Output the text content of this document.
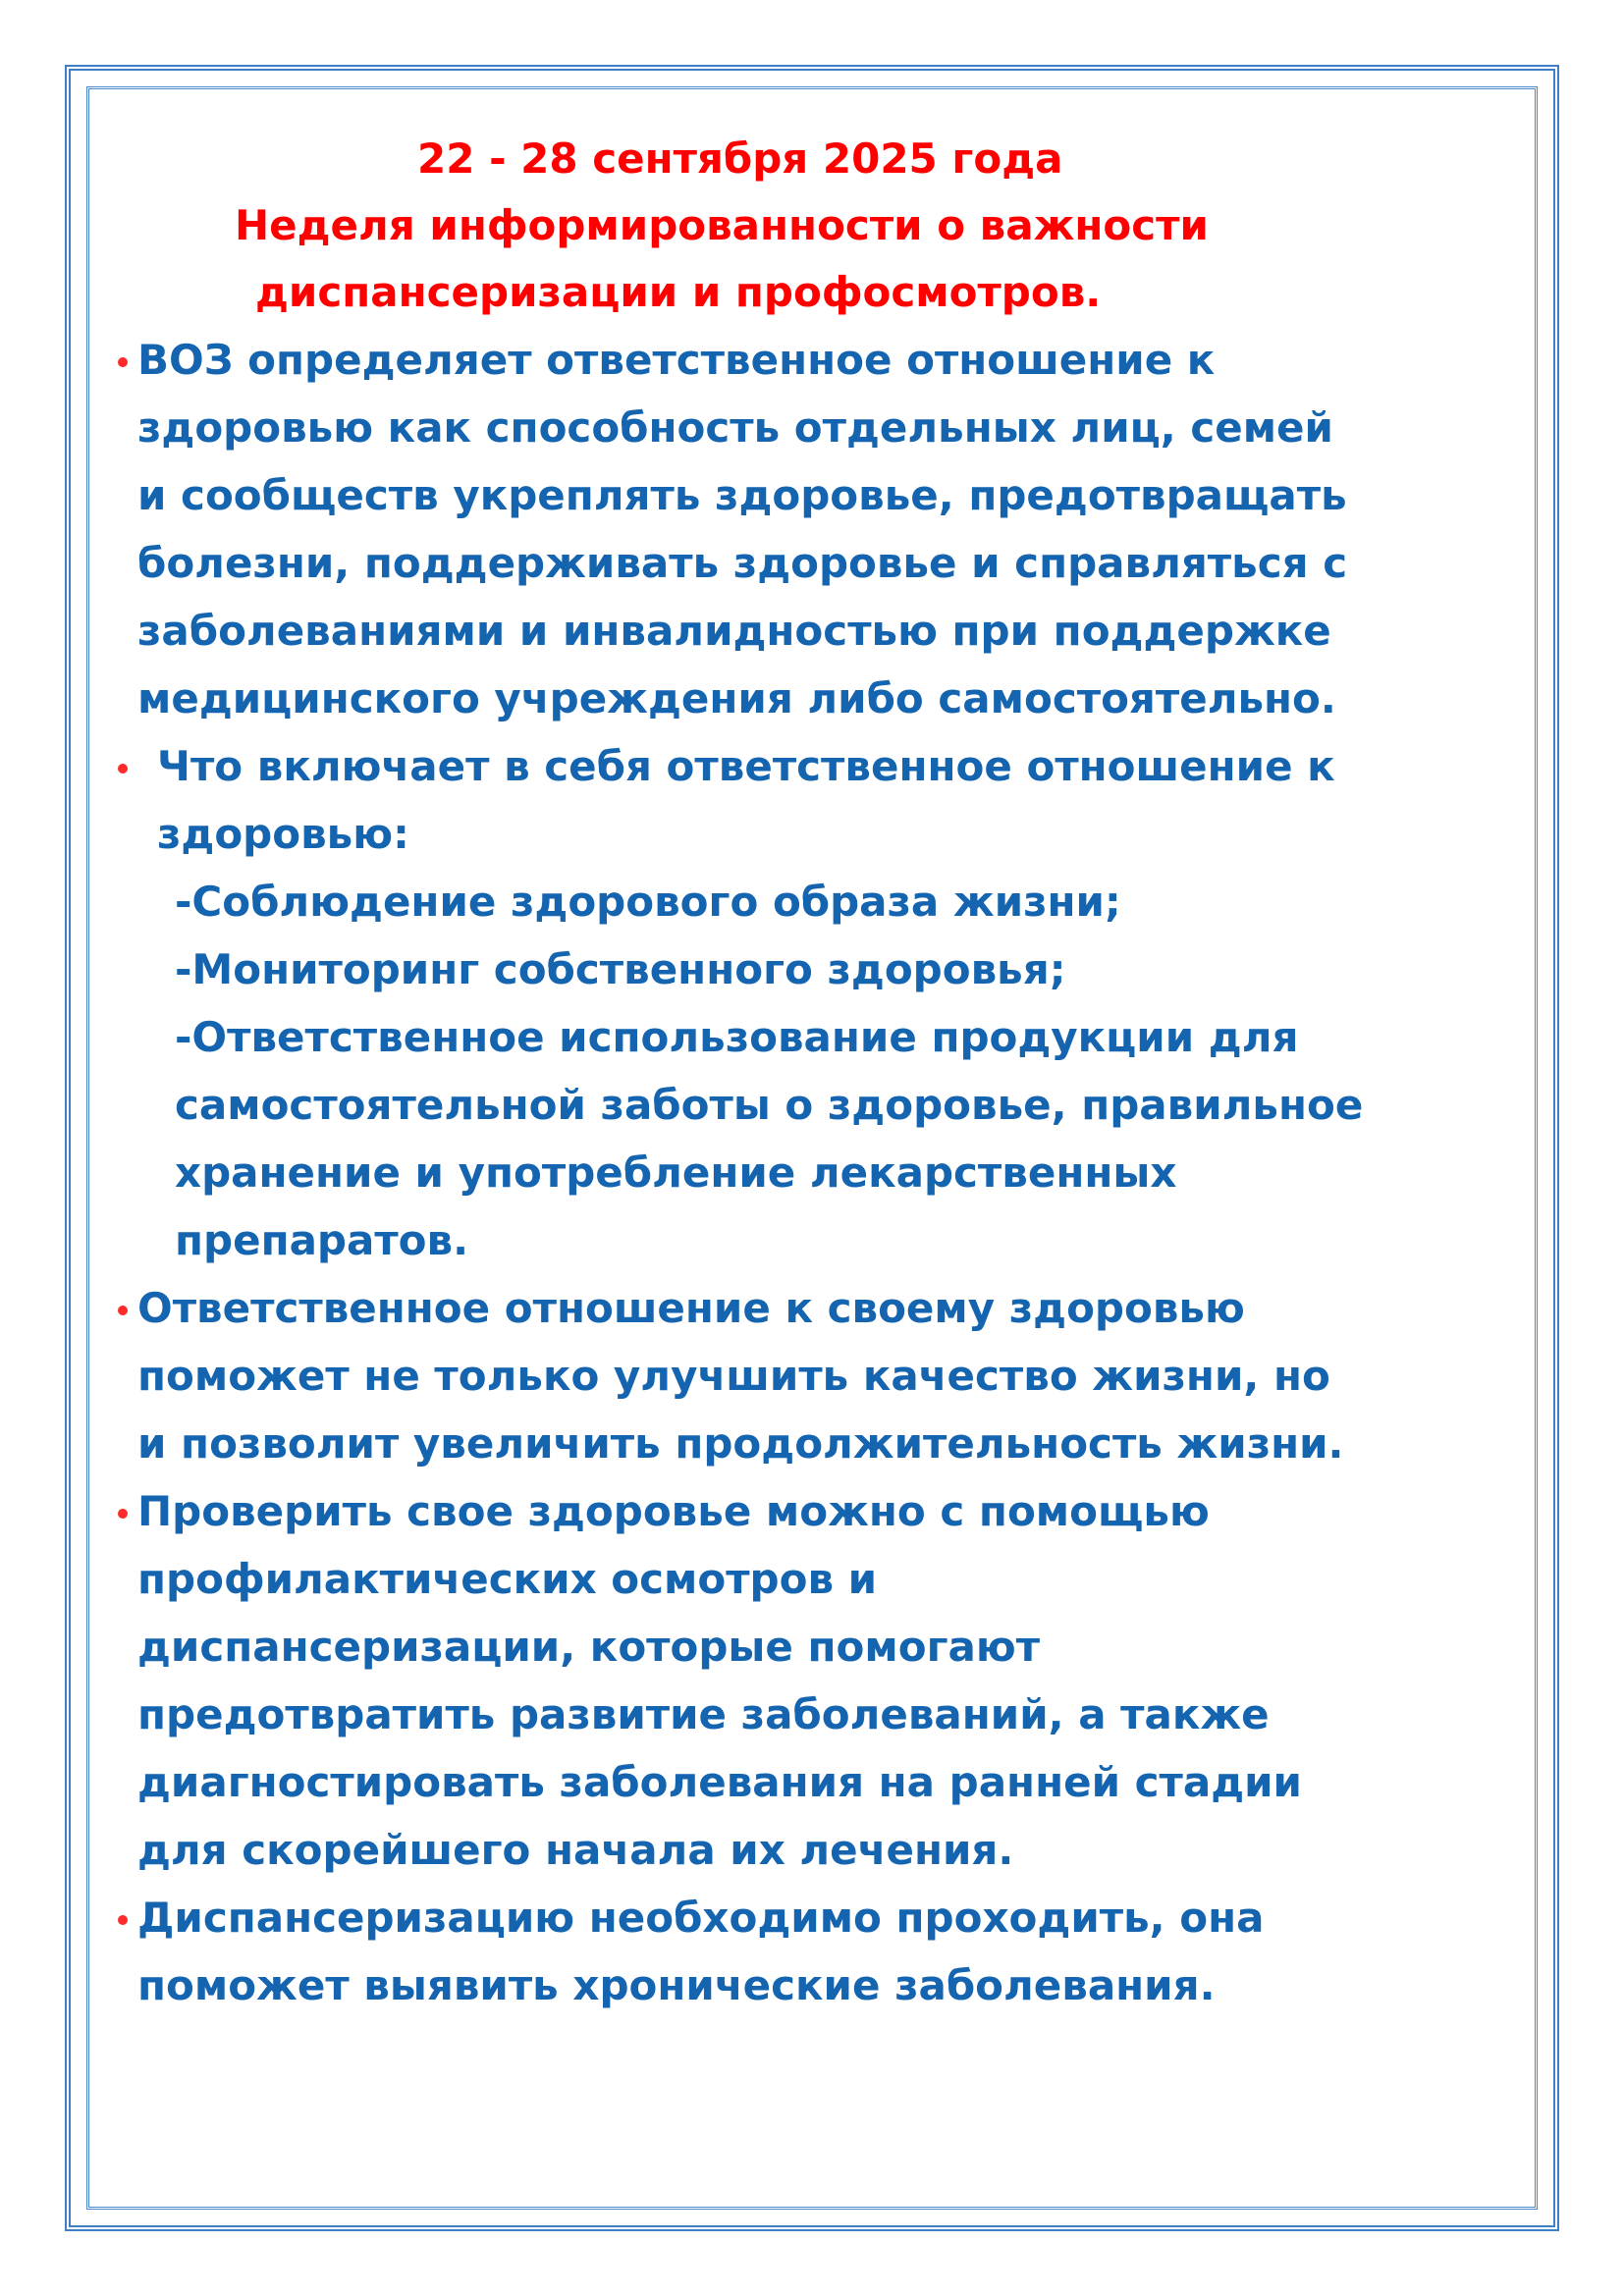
22 - 28 сентября 2025 года

Неделя информированности о важности

диспансеризации и профосмотров.

ВОЗ определяет ответственное отношение к
здоровью как способность отдельных лиц, семей
и сообществ укреплять здоровье, предотвращать
болезни, поддерживать здоровье и справляться с
заболеваниями и инвалидностью при поддержке
медицинского учреждения либо самостоятельно.
Что включает в себя ответственное отношение к
здоровью:
-Соблюдение здорового образа жизни;
-Мониторинг собственного здоровья;
-Ответственное использование продукции для
самостоятельной заботы о здоровье, правильное
хранение и употребление лекарственных
препаратов.
Ответственное отношение к своему здоровью
поможет не только улучшить качество жизни, но
и позволит увеличить продолжительность жизни.
Проверить свое здоровье можно с помощью
профилактических осмотров и
диспансеризации, которые помогают
предотвратить развитие заболеваний, а также
диагностировать заболевания на ранней стадии
для скорейшего начала их лечения.
Диспансеризацию необходимо проходить, она
поможет выявить хронические заболевания.
